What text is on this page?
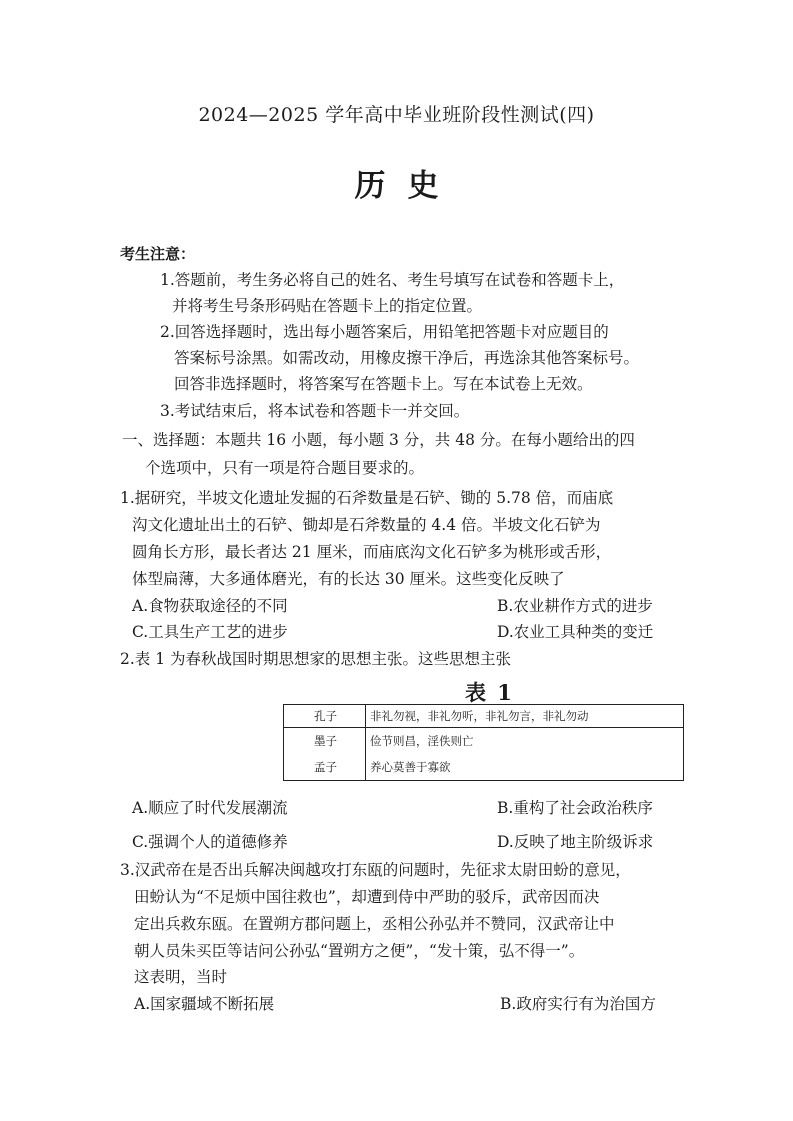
2024—2025 学年高中毕业班阶段性测试(四)
历史
考生注意：
1.答题前，考生务必将自己的姓名、考生号填写在试卷和答题卡上，
并将考生号条形码贴在答题卡上的指定位置。
2.回答选择题时，选出每小题答案后，用铅笔把答题卡对应题目的
答案标号涂黑。如需改动，用橡皮擦干净后，再选涂其他答案标号。
回答非选择题时，将答案写在答题卡上。写在本试卷上无效。
3.考试结束后，将本试卷和答题卡一并交回。
一、选择题：本题共 16 小题，每小题 3 分，共 48 分。在每小题给出的四
个选项中，只有一项是符合题目要求的。
1.据研究，半坡文化遗址发掘的石斧数量是石铲、锄的 5.78 倍，而庙底
沟文化遗址出土的石铲、锄却是石斧数量的 4.4 倍。半坡文化石铲为
圆角长方形，最长者达 21 厘米，而庙底沟文化石铲多为桃形或舌形，
体型扁薄，大多通体磨光，有的长达 30 厘米。这些变化反映了
A.食物获取途径的不同	B.农业耕作方式的进步
C.工具生产工艺的进步	D.农业工具种类的变迁
2.表 1 为春秋战国时期思想家的思想主张。这些思想主张
表 1
孔子	非礼勿视，非礼勿听，非礼勿言，非礼勿动
墨子	俭节则昌，淫佚则亡
孟子	养心莫善于寡欲
A.顺应了时代发展潮流	B.重构了社会政治秩序
C.强调个人的道德修养	D.反映了地主阶级诉求
3.汉武帝在是否出兵解决闽越攻打东瓯的问题时，先征求太尉田蚡的意见，
田蚡认为“不足烦中国往救也”，却遭到侍中严助的驳斥，武帝因而决
定出兵救东瓯。在置朔方郡问题上，丞相公孙弘并不赞同，汉武帝让中
朝人员朱买臣等诘问公孙弘“置朔方之便”，“发十策，弘不得一”。
这表明，当时
A.国家疆域不断拓展	B.政府实行有为治国方
